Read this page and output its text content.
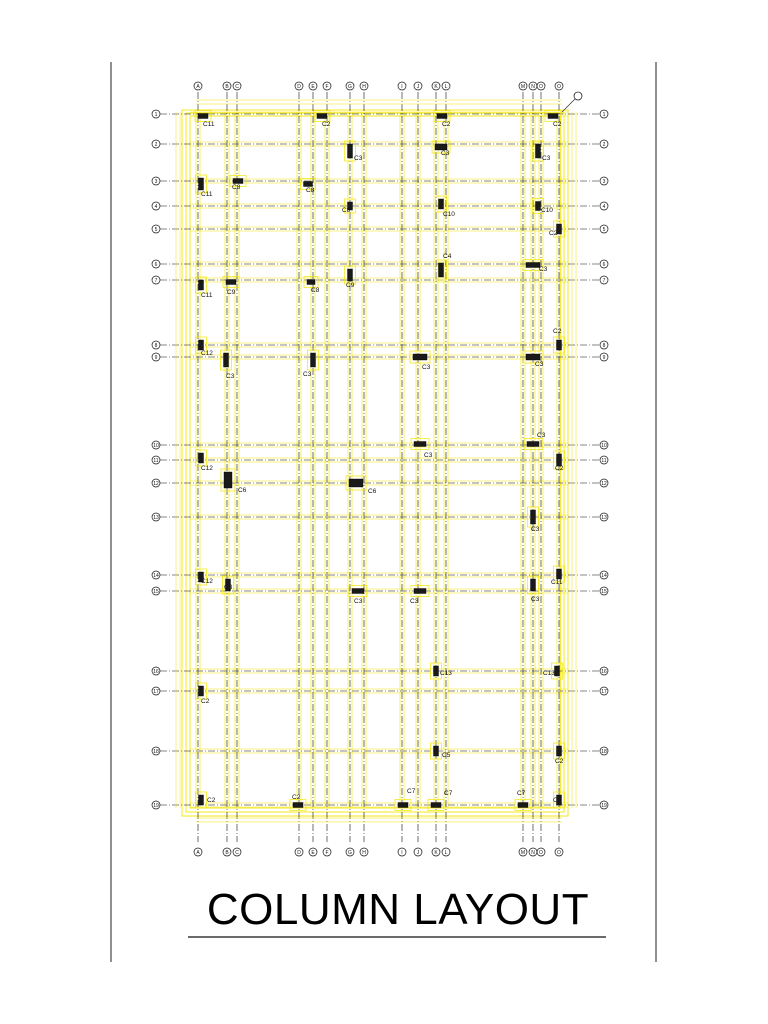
A
A
B
B
C
C
D
D
E
E
F
F
G
G
H
H
I
I
J
J
K
K
L
L
M
M
N
N
O
O
O
O
1	1
2	2
3	3
4	4
5	5
6	6
7	7
8	8
9	9
10	10
11	11
12	12
13	13
14	14
15	15
16	16
17	17
18	18
19	19
C11	C2	C2	C2
C3
C3
C3
C11
C8	C8
C8
C10
C10
C2
C4
C3
C11 C9	C8
C9
C12
C2
C3	C3
C3	C3
C3
C3
C12	C2
C6	C6
C3
C12
C3
C3	C3	C3
C11
C13	C13
C2
C5
C2
C2	C2
C7	C7	C7
C2
COLUMN LAYOUT
